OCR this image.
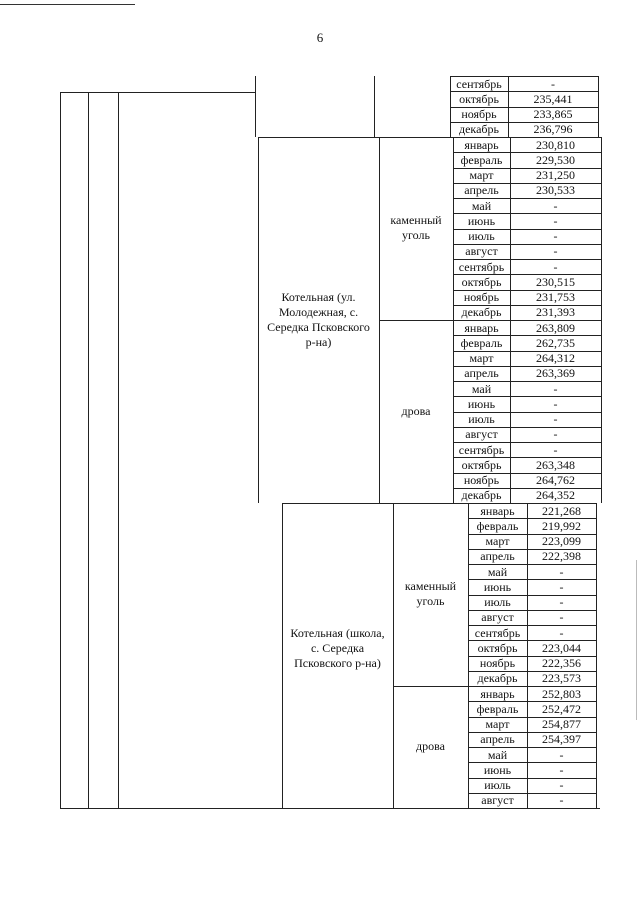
6
сентябрь	-
октябрь	235,441
ноябрь	233,865
декабрь	236,796
Котельная (ул. Молодежная, с. Середка Псковского р-на)
каменный уголь
январь	230,810
февраль	229,530
март	231,250
апрель	230,533
май	-
июнь	-
июль	-
август	-
сентябрь	-
октябрь	230,515
ноябрь	231,753
декабрь	231,393
дрова
январь	263,809
февраль	262,735
март	264,312
апрель	263,369
май	-
июнь	-
июль	-
август	-
сентябрь	-
октябрь	263,348
ноябрь	264,762
декабрь	264,352
Котельная (школа, с. Середка Псковского р-на)
каменный уголь
январь	221,268
февраль	219,992
март	223,099
апрель	222,398
май	-
июнь	-
июль	-
август	-
сентябрь	-
октябрь	223,044
ноябрь	222,356
декабрь	223,573
дрова
январь	252,803
февраль	252,472
март	254,877
апрель	254,397
май	-
июнь	-
июль	-
август	-
